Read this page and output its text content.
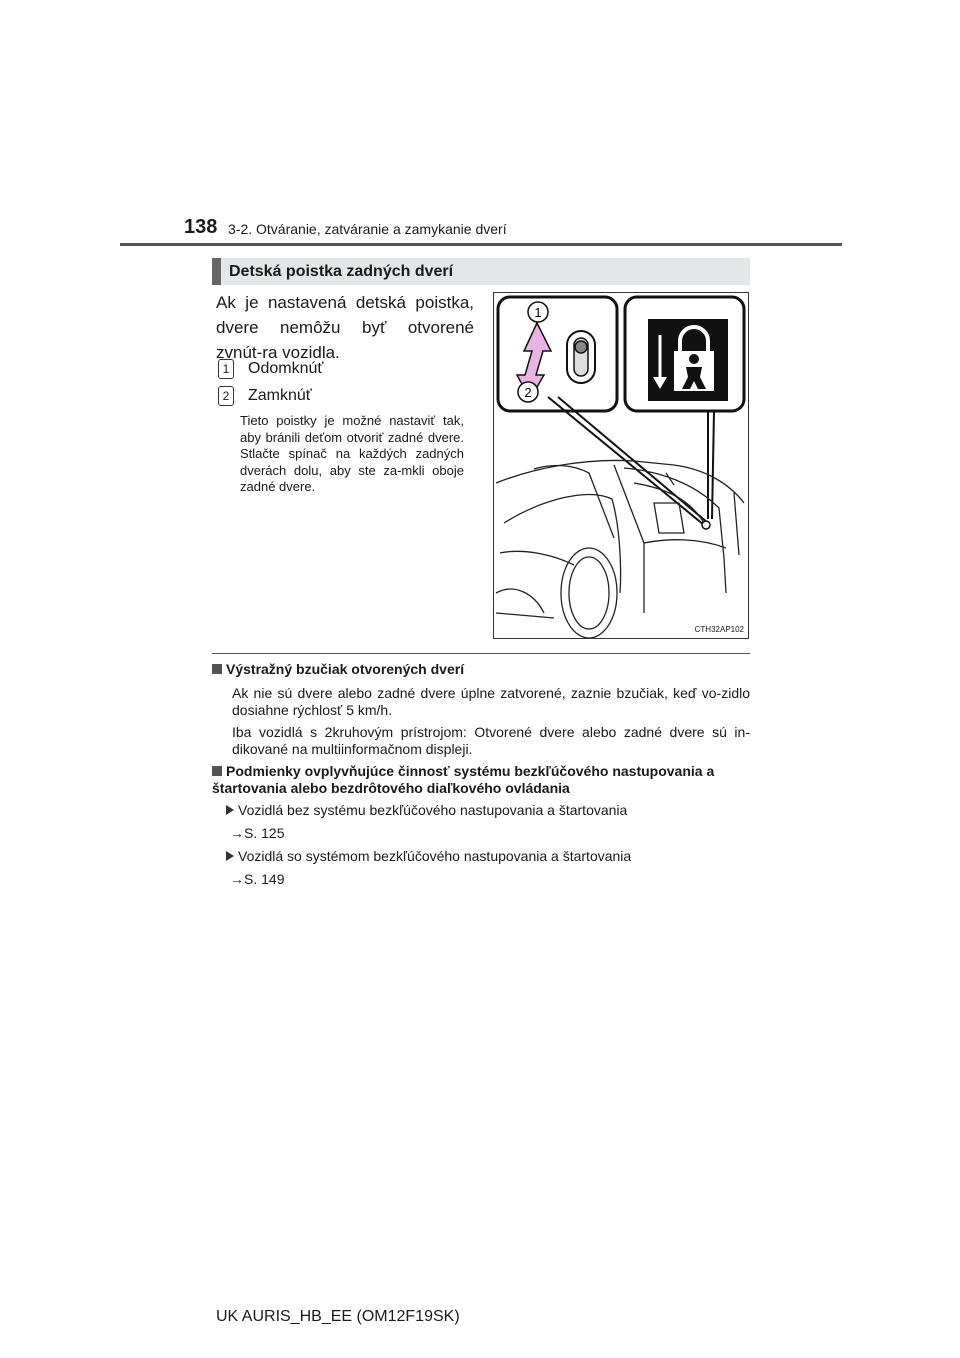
138 3-2. Otváranie, zatváranie a zamykanie dverí
Detská poistka zadných dverí
Ak je nastavená detská poistka, dvere nemôžu byť otvorené zvnút-ra vozidla.
1 Odomknúť
2 Zamknúť
Tieto poistky je možné nastaviť tak, aby bránili deťom otvoriť zadné dvere. Stlačte spínač na každých zadných dverách dolu, aby ste za-mkli oboje zadné dvere.
1
2
CTH32AP102
Výstražný bzučiak otvorených dverí
Ak nie sú dvere alebo zadné dvere úplne zatvorené, zaznie bzučiak, keď vo-zidlo dosiahne rýchlosť 5 km/h.
Iba vozidlá s 2kruhovým prístrojom: Otvorené dvere alebo zadné dvere sú in-dikované na multiinformačnom displeji.
Podmienky ovplyvňujúce činnosť systému bezkľúčového nastupovania a štartovania alebo bezdrôtového diaľkového ovládania
Vozidlá bez systému bezkľúčového nastupovania a štartovania
→S. 125
Vozidlá so systémom bezkľúčového nastupovania a štartovania
→S. 149
UK AURIS_HB_EE (OM12F19SK)
